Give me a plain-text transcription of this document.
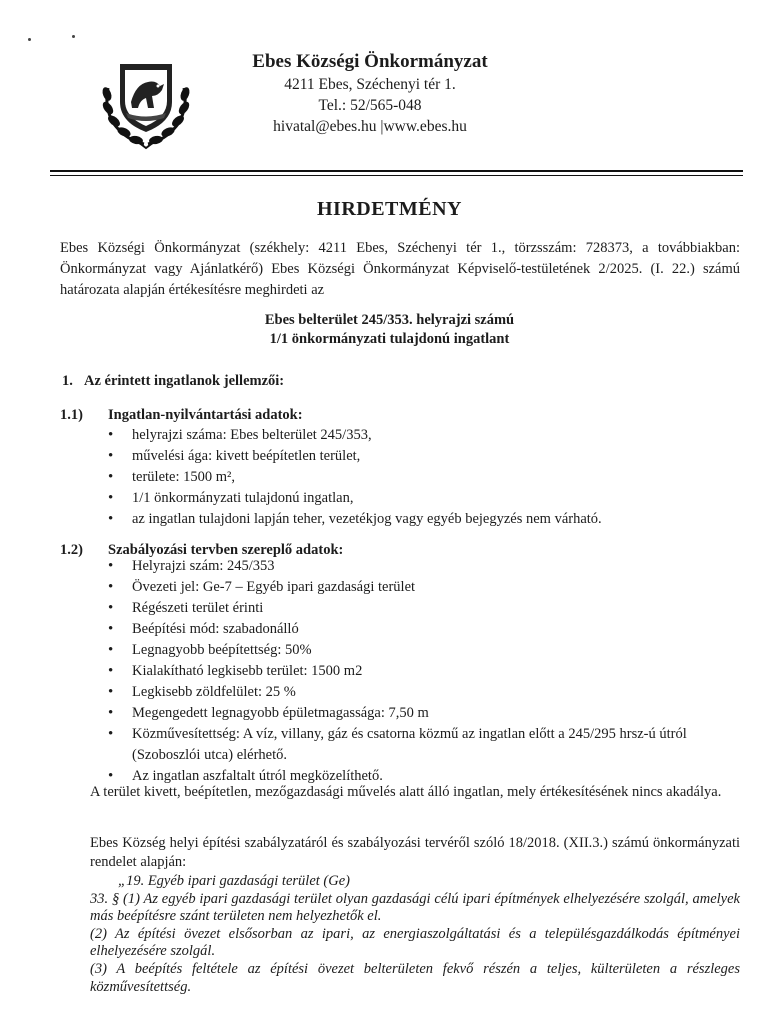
Ebes Községi Önkormányzat
4211 Ebes, Széchenyi tér 1.
Tel.: 52/565-048
hivatal@ebes.hu |www.ebes.hu
HIRDETMÉNY
Ebes Községi Önkormányzat (székhely: 4211 Ebes, Széchenyi tér 1., törzsszám: 728373, a továbbiakban: Önkormányzat vagy Ajánlatkérő) Ebes Községi Önkormányzat Képviselő-testületének 2/2025. (I. 22.) számú határozata alapján értékesítésre meghirdeti az
Ebes belterület 245/353. helyrajzi számú
1/1 önkormányzati tulajdonú ingatlant
1. Az érintett ingatlanok jellemzői:
1.1) Ingatlan-nyilvántartási adatok:
• helyrajzi száma: Ebes belterület 245/353,
• művelési ága: kivett beépítetlen terület,
• területe: 1500 m²,
• 1/1 önkormányzati tulajdonú ingatlan,
• az ingatlan tulajdoni lapján teher, vezetékjog vagy egyéb bejegyzés nem várható.
1.2) Szabályozási tervben szereplő adatok:
• Helyrajzi szám: 245/353
• Övezeti jel: Ge-7 – Egyéb ipari gazdasági terület
• Régészeti terület érinti
• Beépítési mód: szabadonálló
• Legnagyobb beépítettség: 50%
• Kialakítható legkisebb terület: 1500 m2
• Legkisebb zöldfelület: 25 %
• Megengedett legnagyobb épületmagassága: 7,50 m
• Közművesítettség: A víz, villany, gáz és csatorna közmű az ingatlan előtt a 245/295 hrsz-ú útról (Szoboszlói utca) elérhető.
• Az ingatlan aszfaltalt útról megközelíthető.
A terület kivett, beépítetlen, mezőgazdasági művelés alatt álló ingatlan, mely értékesítésének nincs akadálya.
Ebes Község helyi építési szabályzatáról és szabályozási tervéről szóló 18/2018. (XII.3.) számú önkormányzati rendelet alapján:
„19. Egyéb ipari gazdasági terület (Ge)
33. § (1) Az egyéb ipari gazdasági terület olyan gazdasági célú ipari építmények elhelyezésére szolgál, amelyek más beépítésre szánt területen nem helyezhetők el.
(2) Az építési övezet elsősorban az ipari, az energiaszolgáltatási és a településgazdálkodás építményei elhelyezésére szolgál.
(3) A beépítés feltétele az építési övezet belterületen fekvő részén a teljes, külterületen a részleges közművesítettség.
